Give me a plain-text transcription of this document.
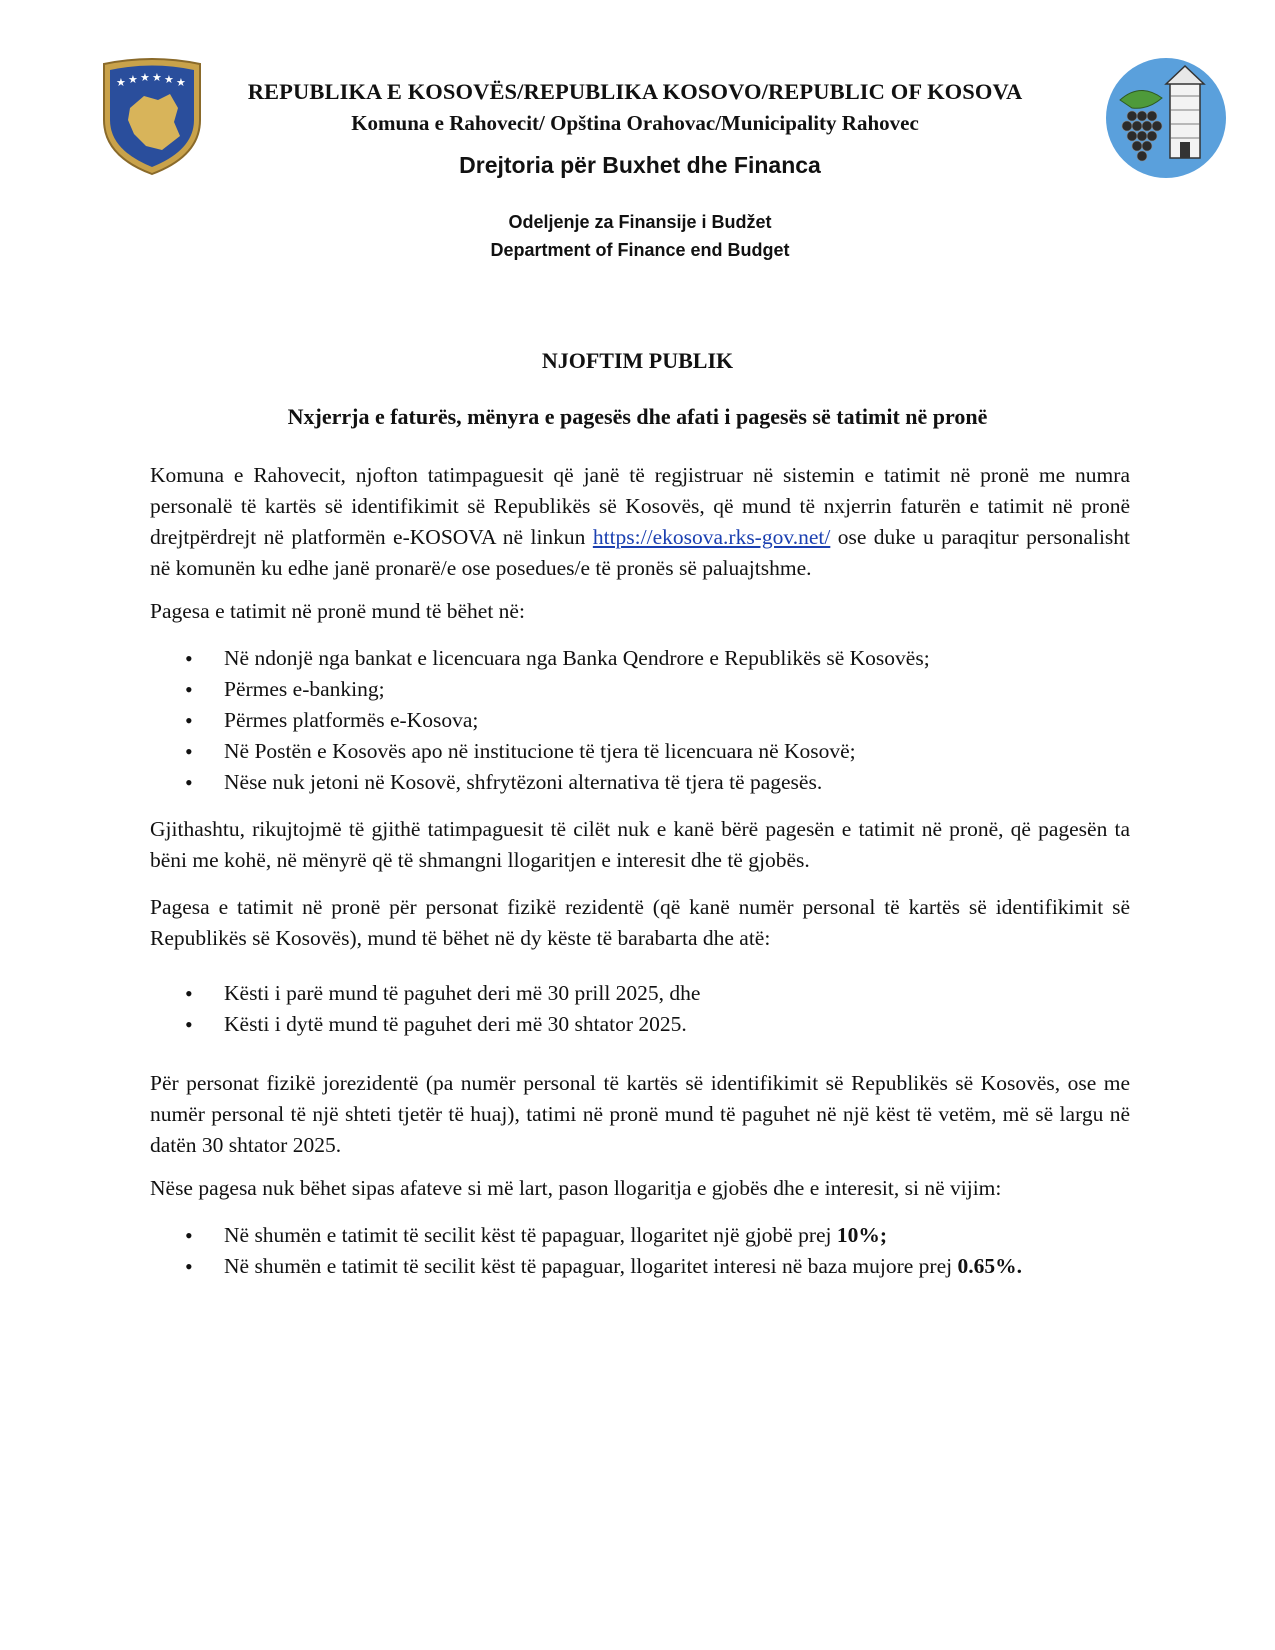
★ ★ ★ ★ ★ ★	REPUBLIKA E KOSOVËS/REPUBLIKA KOSOVO/REPUBLIC OF KOSOVA
Komuna e Rahovecit/ Opština Orahovac/Municipality Rahovec
Drejtoria për Buxhet dhe Financa
Odeljenje za Finansije i Budžet
Department of Finance end Budget
NJOFTIM PUBLIK
Nxjerrja e faturës, mënyra e pagesës dhe afati i pagesës së tatimit në pronë

Komuna e Rahovecit, njofton tatimpaguesit që janë të regjistruar në sistemin e tatimit në pronë me numra personalë të kartës së identifikimit së Republikës së Kosovës, që mund të nxjerrin faturën e tatimit në pronë drejtpërdrejt në platformën e-KOSOVA në linkun https://ekosova.rks-gov.net/ ose duke u paraqitur personalisht në komunën ku edhe janë pronarë/e ose posedues/e të pronës së paluajtshme.

Pagesa e tatimit në pronë mund të bëhet në:

• Në ndonjë nga bankat e licencuara nga Banka Qendrore e Republikës së Kosovës;
• Përmes e-banking;
• Përmes platformës e-Kosova;
• Në Postën e Kosovës apo në institucione të tjera të licencuara në Kosovë;
• Nëse nuk jetoni në Kosovë, shfrytëzoni alternativa të tjera të pagesës.

Gjithashtu, rikujtojmë të gjithë tatimpaguesit të cilët nuk e kanë bërë pagesën e tatimit në pronë, që pagesën ta bëni me kohë, në mënyrë që të shmangni llogaritjen e interesit dhe të gjobës.

Pagesa e tatimit në pronë për personat fizikë rezidentë (që kanë numër personal të kartës së identifikimit së Republikës së Kosovës), mund të bëhet në dy këste të barabarta dhe atë:

• Kësti i parë mund të paguhet deri më 30 prill 2025, dhe
• Kësti i dytë mund të paguhet deri më 30 shtator 2025.

Për personat fizikë jorezidentë (pa numër personal të kartës së identifikimit së Republikës së Kosovës, ose me numër personal të një shteti tjetër të huaj), tatimi në pronë mund të paguhet në një këst të vetëm, më së largu në datën 30 shtator 2025.

Nëse pagesa nuk bëhet sipas afateve si më lart, pason llogaritja e gjobës dhe e interesit, si në vijim:

• Në shumën e tatimit të secilit këst të papaguar, llogaritet një gjobë prej 10%;
• Në shumën e tatimit të secilit këst të papaguar, llogaritet interesi në baza mujore prej 0.65%.
